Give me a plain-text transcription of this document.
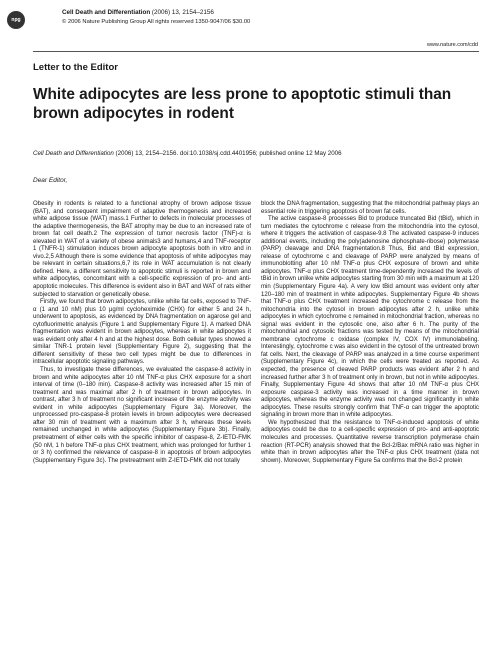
npg
Cell Death and Differentiation (2006) 13, 2154–2156
© 2006 Nature Publishing Group All rights reserved 1350-9047/06 $30.00
www.nature.com/cdd
Letter to the Editor
White adipocytes are less prone to apoptotic stimuli than brown adipocytes in rodent
Cell Death and Differentiation (2006) 13, 2154–2156. doi:10.1038/sj.cdd.4401956; published online 12 May 2006
Dear Editor,

Obesity in rodents is related to a functional atrophy of brown adipose tissue (BAT), and consequent impairment of adaptive thermogenesis and increased white adipose tissue (WAT) mass.1 Further to defects in molecular processes of the adaptive thermogenesis, the BAT atrophy may be due to an increased rate of brown fat cell death.2 The expression of tumor necrosis factor (TNF)-α is elevated in WAT of a variety of obese animals3 and humans,4 and TNF-receptor 1 (TNFR-1) stimulation induces brown adipocyte apoptosis both in vitro and in vivo.2,5 Although there is some evidence that apoptosis of white adipocytes may be relevant in certain situations,6,7 its role in WAT accumulation is not clearly defined. Here, a different sensitivity to apoptotic stimuli is reported in brown and white adipocytes, concomitant with a cell-specific expression of pro- and anti-apoptotic molecules. This difference is evident also in BAT and WAT of rats either subjected to starvation or genetically obese.

Firstly, we found that brown adipocytes, unlike white fat cells, exposed to TNF-α (1 and 10 nM) plus 10 μg/ml cycloheximide (CHX) for either 5 and 24 h, underwent to apoptosis, as evidenced by DNA fragmentation on agarose gel and cytofluorimetric analysis (Figure 1 and Supplementary Figure 1). A marked DNA fragmentation was evident in brown adipocytes, whereas in white adipocytes it was evident only after 4 h and at the highest dose. Both cellular types showed a similar TNR-1 protein level (Supplementary Figure 2), suggesting that the different sensitivity of these two cell types might be due to differences in intracellular apoptotic signaling pathways.

Thus, to investigate these differences, we evaluated the caspase-8 activity in brown and white adipocytes after 10 nM TNF-α plus CHX exposure for a short interval of time (0–180 min). Caspase-8 activity was increased after 15 min of treatment and was maximal after 2 h of treatment in brown adipocytes. In contrast, after 3 h of treatment no significant increase of the enzyme activity was evident in white adipocytes (Supplementary Figure 3a). Moreover, the unprocessed pro-caspase-8 protein levels in brown adipocytes were decreased after 30 min of treatment with a maximum after 3 h, whereas these levels remained unchanged in white adipocytes (Supplementary Figure 3b). Finally, pretreatment of either cells with the specific inhibitor of caspase-8, Z-IETD-FMK (50 nM, 1 h before TNF-α plus CHX treatment, which was prolonged for further 1 or 3 h) confirmed the relevance of caspase-8 in apoptosis of brown adipocytes (Supplementary Figure 3c). The pretreatment with Z-IETD-FMK did not totally

block the DNA fragmentation, suggesting that the mitochondrial pathway plays an essential role in triggering apoptosis of brown fat cells.

The active caspase-8 processes Bid to produce truncated Bid (tBid), which in turn mediates the cytochrome c release from the mitochondria into the cytosol, where it triggers the activation of caspase-9.8 The activated caspase-9 induces additional events, including the poly(adenosine diphosphate-ribose) polymerase (PARP) cleavage and DNA fragmentation.8 Thus, Bid and tBid expression, release of cytochrome c and cleavage of PARP were analyzed by means of immunoblotting after 10 nM TNF-α plus CHX exposure of brown and white adipocytes. TNF-α plus CHX treatment time-dependently increased the levels of tBid in brown unlike white adipocytes starting from 30 min with a maximum at 120 min (Supplementary Figure 4a). A very low tBid amount was evident only after 120–180 min of treatment in white adipocytes. Supplementary Figure 4b shows that TNF-α plus CHX treatment increased the cytochrome c release from the mitochondria into the cytosol in brown adipocytes after 2 h, unlike white adipocytes in which cytochrome c remained in mitochondrial fraction, whereas no signal was evident in the cytosolic one, also after 6 h. The purity of the mitochondrial and cytosolic fractions was tested by means of the mitochondrial membrane cytochrome c oxidase (complex IV, COX IV) immunolabeling. Interestingly, cytochrome c was also evident in the cytosol of the untreated brown fat cells. Next, the cleavage of PARP was analyzed in a time course experiment (Supplementary Figure 4c), in which the cells were treated as reported. As expected, the presence of cleaved PARP products was evident after 2 h and increased further after 3 h of treatment only in brown, but not in white adipocytes. Finally, Supplementary Figure 4d shows that after 10 nM TNF-α plus CHX exposure caspase-3 activity was increased in a time manner in brown adipocytes, whereas the enzyme activity was not changed significantly in white adipocytes. These results strongly confirm that TNF-α can trigger the apoptotic signaling in brown more than in white adipocytes.

We hypothesized that the resistance to TNF-α-induced apoptosis of white adipocytes could be due to a cell-specific expression of pro- and anti-apoptotic molecules and processes. Quantitative reverse transcription polymerase chain reaction (RT-PCR) analysis showed that the Bcl-2/Bax mRNA ratio was higher in white than in brown adipocytes after the TNF-α plus CHX treatment (data not shown). Moreover, Supplementary Figure 5a confirms that the Bcl-2 protein
